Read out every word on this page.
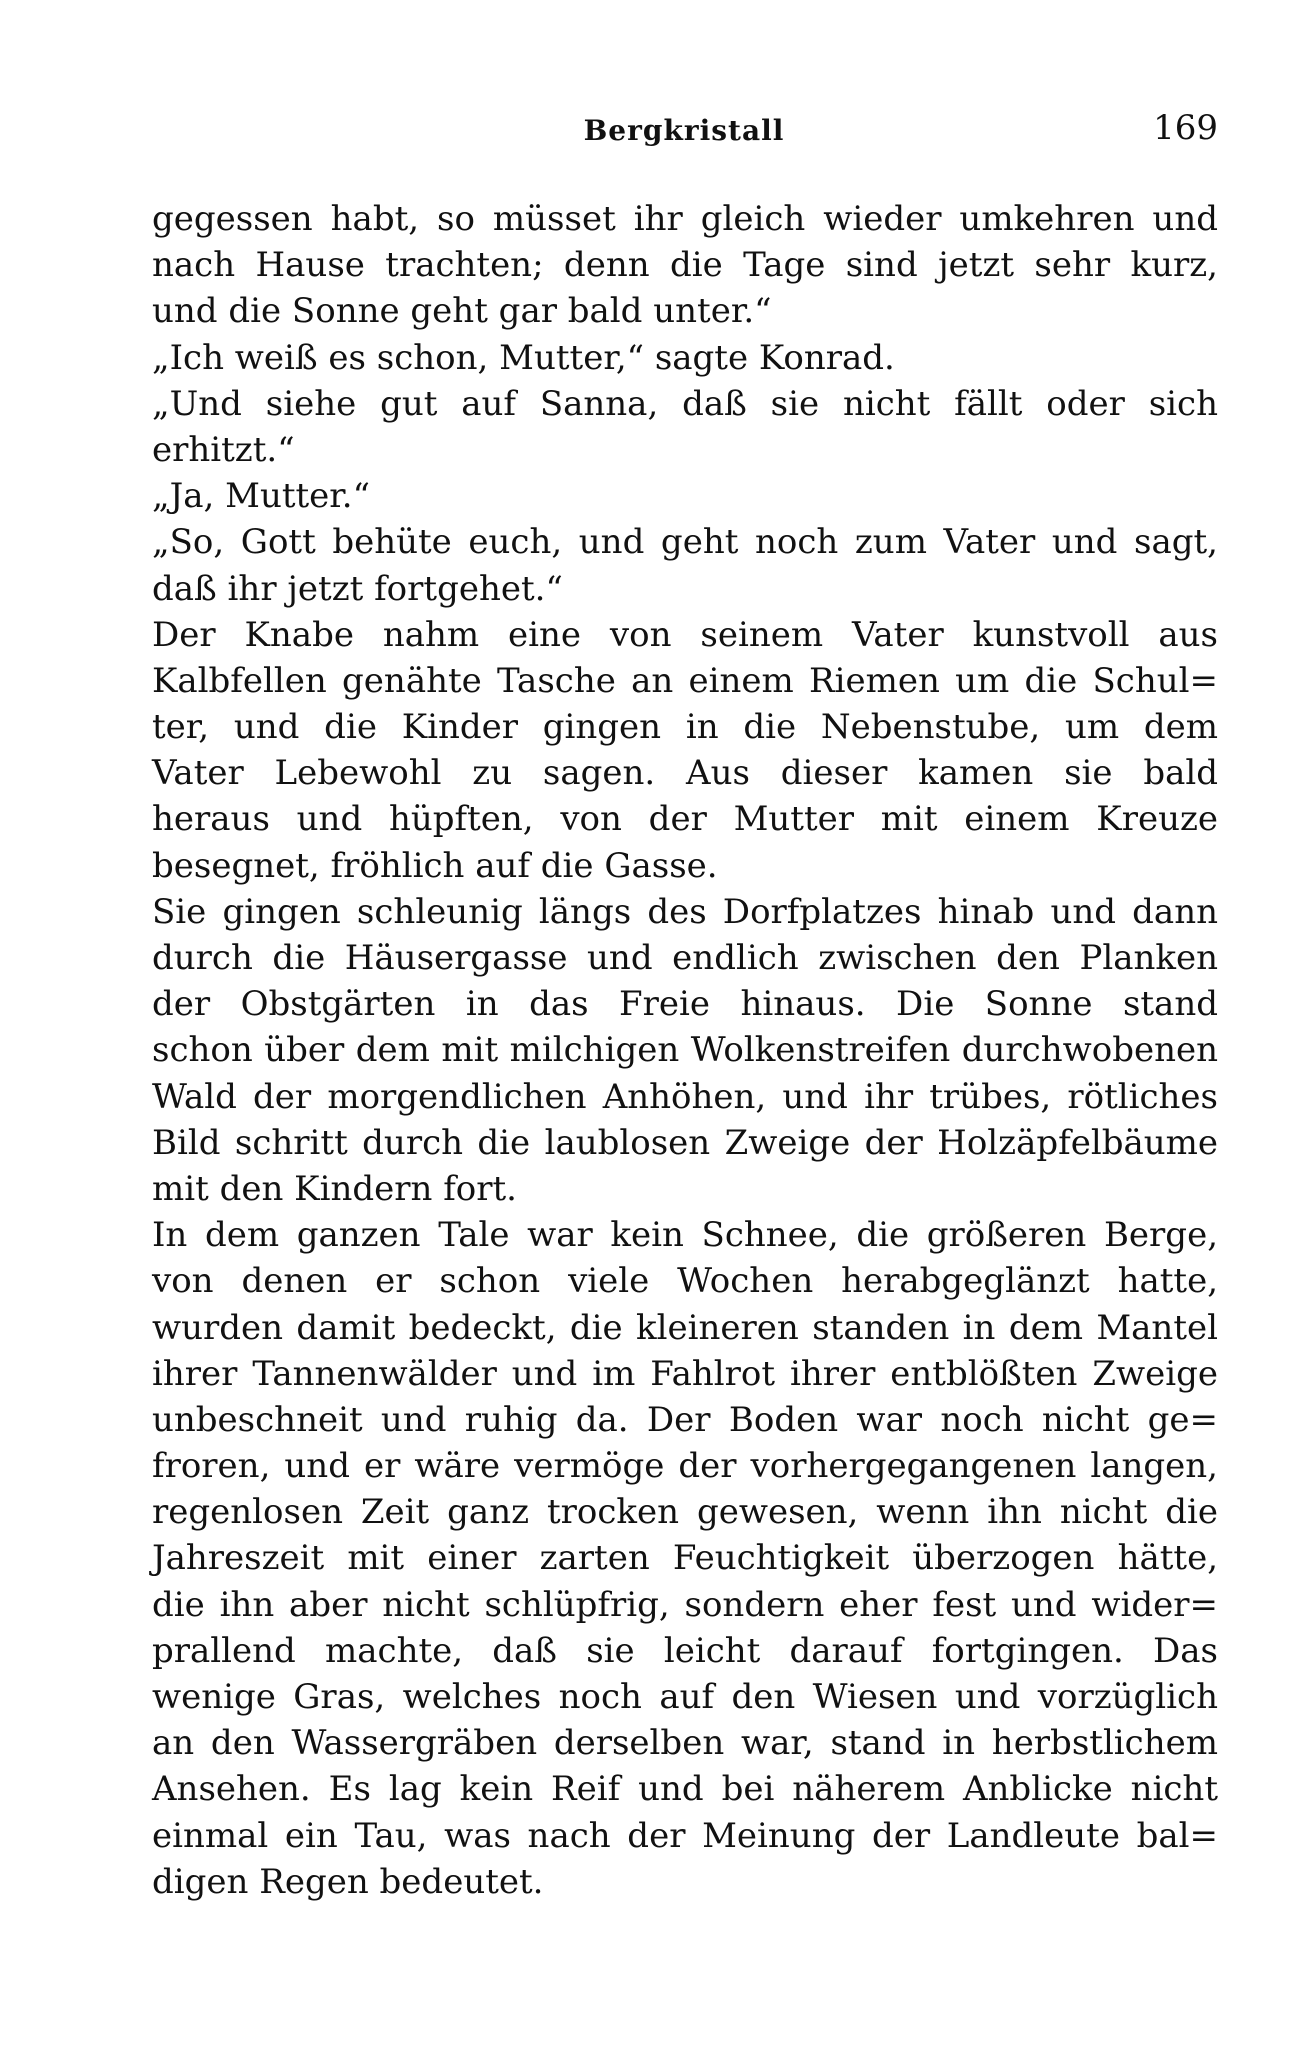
Bergkristall	169
gegessen habt, so müsset ihr gleich wieder umkehren und
nach Hause trachten; denn die Tage sind jetzt sehr kurz,
und die Sonne geht gar bald unter.“
„Ich weiß es schon, Mutter,“ sagte Konrad.
„Und siehe gut auf Sanna, daß sie nicht fällt oder sich
erhitzt.“
„Ja, Mutter.“
„So, Gott behüte euch, und geht noch zum Vater und sagt,
daß ihr jetzt fortgehet.“
Der Knabe nahm eine von seinem Vater kunstvoll aus
Kalbfellen genähte Tasche an einem Riemen um die Schul=
ter, und die Kinder gingen in die Nebenstube, um dem
Vater Lebewohl zu sagen. Aus dieser kamen sie bald
heraus und hüpften, von der Mutter mit einem Kreuze
besegnet, fröhlich auf die Gasse.
Sie gingen schleunig längs des Dorfplatzes hinab und dann
durch die Häusergasse und endlich zwischen den Planken
der Obstgärten in das Freie hinaus. Die Sonne stand
schon über dem mit milchigen Wolkenstreifen durchwobenen
Wald der morgendlichen Anhöhen, und ihr trübes, rötliches
Bild schritt durch die laublosen Zweige der Holzäpfelbäume
mit den Kindern fort.
In dem ganzen Tale war kein Schnee, die größeren Berge,
von denen er schon viele Wochen herabgeglänzt hatte,
wurden damit bedeckt, die kleineren standen in dem Mantel
ihrer Tannenwälder und im Fahlrot ihrer entblößten Zweige
unbeschneit und ruhig da. Der Boden war noch nicht ge=
froren, und er wäre vermöge der vorhergegangenen langen,
regenlosen Zeit ganz trocken gewesen, wenn ihn nicht die
Jahreszeit mit einer zarten Feuchtigkeit überzogen hätte,
die ihn aber nicht schlüpfrig, sondern eher fest und wider=
prallend machte, daß sie leicht darauf fortgingen. Das
wenige Gras, welches noch auf den Wiesen und vorzüglich
an den Wassergräben derselben war, stand in herbstlichem
Ansehen. Es lag kein Reif und bei näherem Anblicke nicht
einmal ein Tau, was nach der Meinung der Landleute bal=
digen Regen bedeutet.
